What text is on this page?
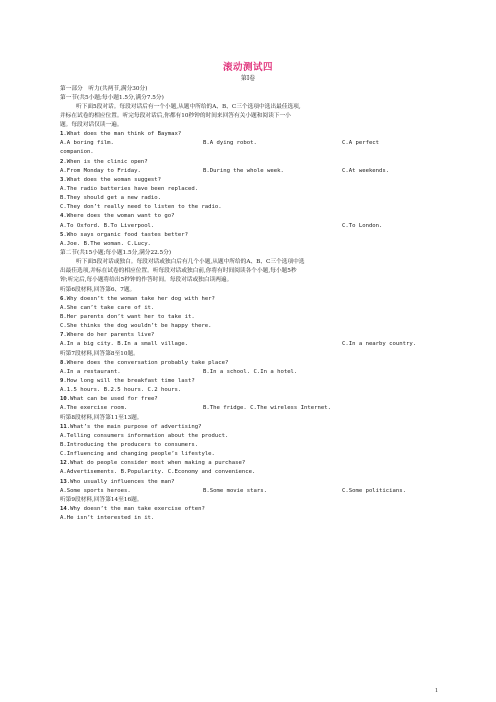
滚动测试四
第Ⅰ卷
第一部分　听力(共两节,满分30分)
第一节(共5小题;每小题1.5分,满分7.5分)
听下面5段对话。每段对话后有一个小题,从题中所给的A、B、C三个选项中选出最佳选项,
并标在试卷的相应位置。听完每段对话后,你都有10秒钟的时间来回答有关小题和阅读下一小
题。每段对话仅读一遍。
1.What does the man think of Baymax?
A.A boring film.	B.A dying robot.	C.A perfect
companion.
2.When is the clinic open?
A.From Monday to Friday.	B.During the whole week.	C.At weekends.
3.What does the woman suggest?
A.The radio batteries have been replaced.
B.They should get a new radio.
C.They don’t really need to listen to the radio.
4.Where does the woman want to go?
A.To Oxford. B.To Liverpool.	C.To London.
5.Who says organic food tastes better?
A.Joe. B.The woman. C.Lucy.
第二节(共15小题;每小题1.5分,满分22.5分)
听下面5段对话或独白。每段对话或独白后有几个小题,从题中所给的A、B、C三个选项中选
出最佳选项,并标在试卷的相应位置。听每段对话或独白前,你将有时间阅读各个小题,每小题5秒
钟;听完后,每小题将给出5秒钟的作答时间。每段对话或独白读两遍。
听第6段材料,回答第6、7题。
6.Why doesn’t the woman take her dog with her?
A.She can’t take care of it.
B.Her parents don’t want her to take it.
C.She thinks the dog wouldn’t be happy there.
7.Where do her parents live?
A.In a big city. B.In a small village.	C.In a nearby country.
听第7段材料,回答第8至10题。
8.Where does the conversation probably take place?
A.In a restaurant.	B.In a school. C.In a hotel.
9.How long will the breakfast time last?
A.1.5 hours. B.2.5 hours. C.2 hours.
10.What can be used for free?
A.The exercise room.	B.The fridge. C.The wireless Internet.
听第8段材料,回答第11至13题。
11.What’s the main purpose of advertising?
A.Telling consumers information about the product.
B.Introducing the producers to consumers.
C.Influencing and changing people’s lifestyle.
12.What do people consider most when making a purchase?
A.Advertisements. B.Popularity. C.Economy and convenience.
13.Who usually influences the man?
A.Some sports heroes.	B.Some movie stars.	C.Some politicians.
听第9段材料,回答第14至16题。
14.Why doesn’t the man take exercise often?
A.He isn’t interested in it.
1
